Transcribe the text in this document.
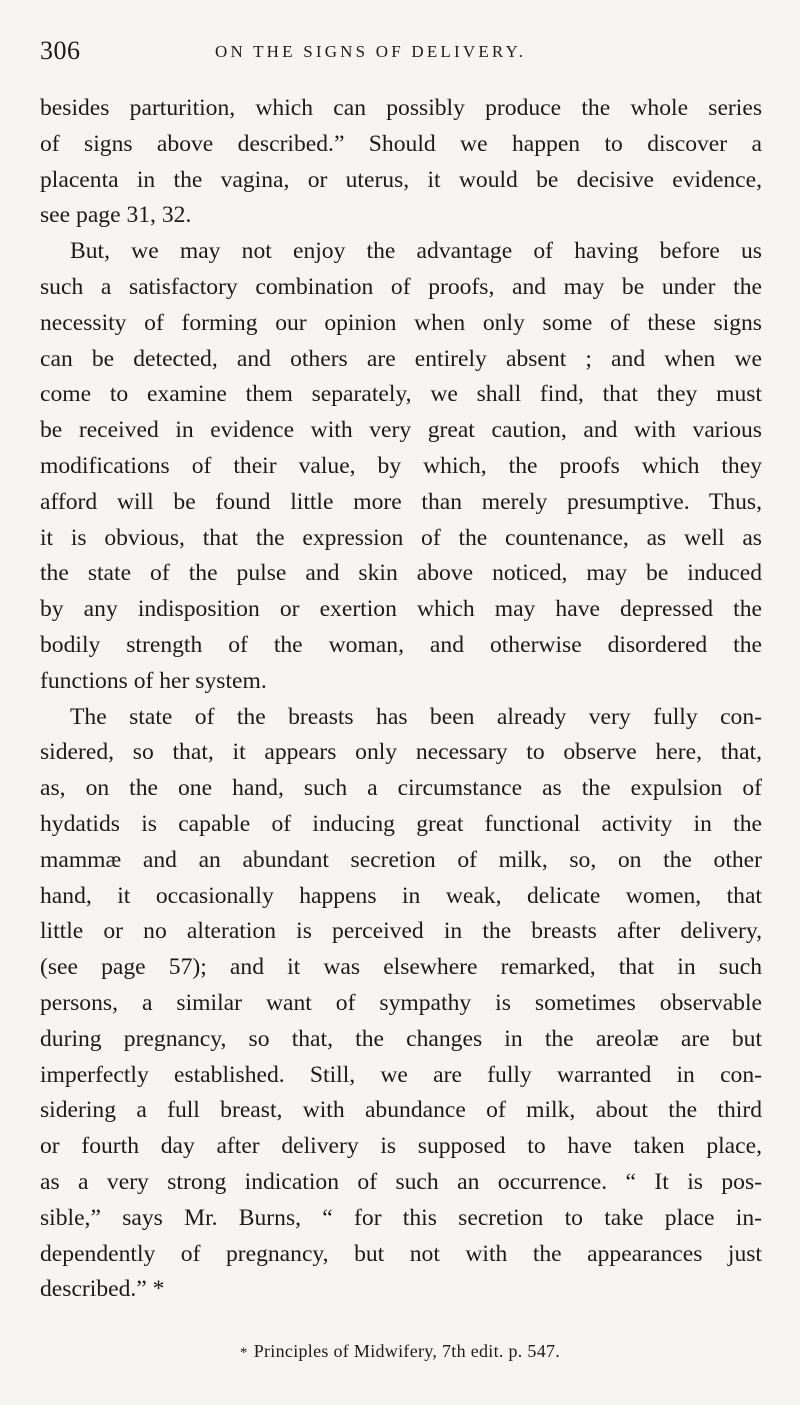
306	ON THE SIGNS OF DELIVERY.
besides parturition, which can possibly produce the whole series
of signs above described.” Should we happen to discover a
placenta in the vagina, or uterus, it would be decisive evidence,
see page 31, 32.
But, we may not enjoy the advantage of having before us
such a satisfactory combination of proofs, and may be under the
necessity of forming our opinion when only some of these signs
can be detected, and others are entirely absent ; and when we
come to examine them separately, we shall find, that they must
be received in evidence with very great caution, and with various
modifications of their value, by which, the proofs which they
afford will be found little more than merely presumptive. Thus,
it is obvious, that the expression of the countenance, as well as
the state of the pulse and skin above noticed, may be induced
by any indisposition or exertion which may have depressed the
bodily strength of the woman, and otherwise disordered the
functions of her system.
The state of the breasts has been already very fully con-
sidered, so that, it appears only necessary to observe here, that,
as, on the one hand, such a circumstance as the expulsion of
hydatids is capable of inducing great functional activity in the
mammæ and an abundant secretion of milk, so, on the other
hand, it occasionally happens in weak, delicate women, that
little or no alteration is perceived in the breasts after delivery,
(see page 57); and it was elsewhere remarked, that in such
persons, a similar want of sympathy is sometimes observable
during pregnancy, so that, the changes in the areolæ are but
imperfectly established. Still, we are fully warranted in con-
sidering a full breast, with abundance of milk, about the third
or fourth day after delivery is supposed to have taken place,
as a very strong indication of such an occurrence. “ It is pos-
sible,” says Mr. Burns, “ for this secretion to take place in-
dependently of pregnancy, but not with the appearances just
described.” *
* Principles of Midwifery, 7th edit. p. 547.
